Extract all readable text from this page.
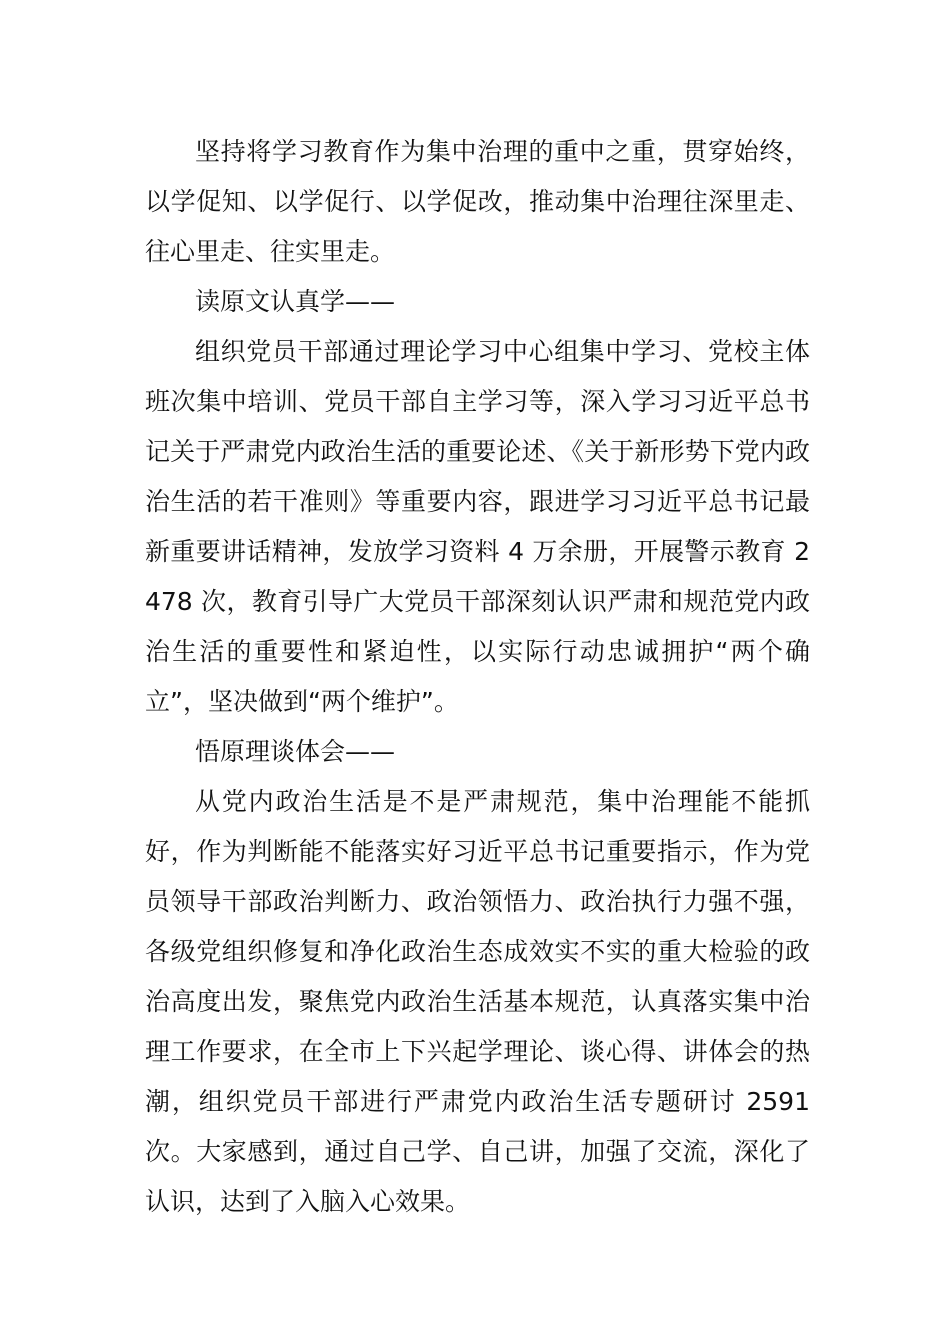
坚持将学习教育作为集中治理的重中之重，贯穿始终，以学促知、以学促行、以学促改，推动集中治理往深里走、往心里走、往实里走。

读原文认真学——

组织党员干部通过理论学习中心组集中学习、党校主体班次集中培训、党员干部自主学习等，深入学习习近平总书记关于严肃党内政治生活的重要论述、《关于新形势下党内政治生活的若干准则》等重要内容，跟进学习习近平总书记最新重要讲话精神，发放学习资料 4 万余册，开展警示教育 2478 次，教育引导广大党员干部深刻认识严肃和规范党内政治生活的重要性和紧迫性，以实际行动忠诚拥护“两个确立”，坚决做到“两个维护”。

悟原理谈体会——

从党内政治生活是不是严肃规范，集中治理能不能抓好，作为判断能不能落实好习近平总书记重要指示，作为党员领导干部政治判断力、政治领悟力、政治执行力强不强，各级党组织修复和净化政治生态成效实不实的重大检验的政治高度出发，聚焦党内政治生活基本规范，认真落实集中治理工作要求，在全市上下兴起学理论、谈心得、讲体会的热潮，组织党员干部进行严肃党内政治生活专题研讨 2591 次。大家感到，通过自己学、自己讲，加强了交流，深化了认识，达到了入脑入心效果。
